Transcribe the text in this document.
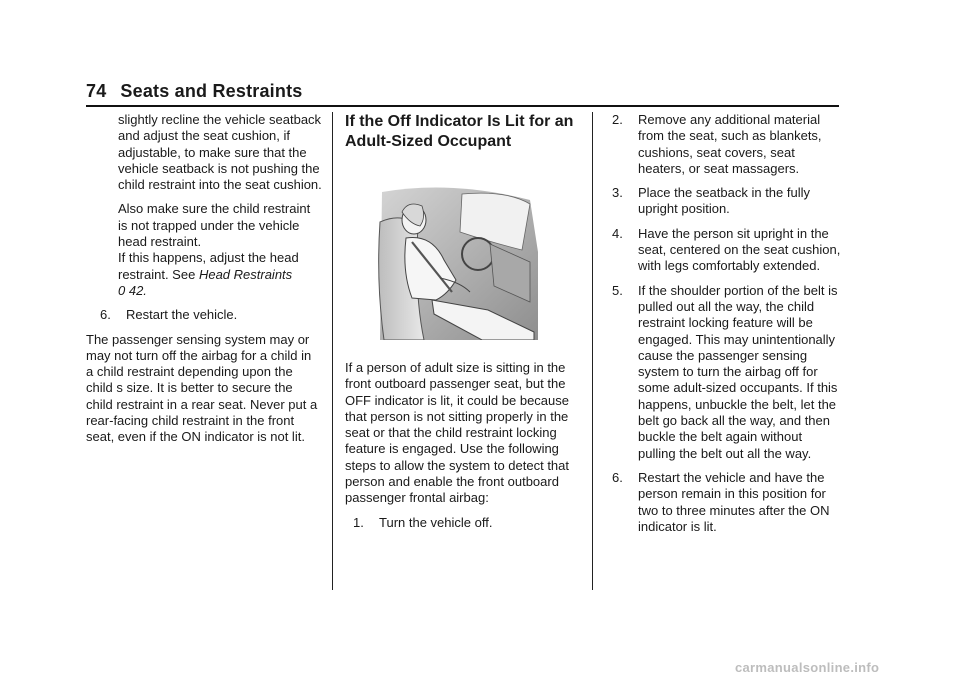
74 Seats and Restraints
slightly recline the vehicle seatback and adjust the seat cushion, if adjustable, to make sure that the vehicle seatback is not pushing the child restraint into the seat cushion.
Also make sure the child restraint is not trapped under the vehicle head restraint.
If this happens, adjust the head restraint. See Head Restraints
0 42.
6.	Restart the vehicle.
The passenger sensing system may or may not turn off the airbag for a child in a child restraint depending upon the child s size. It is better to secure the child restraint in a rear seat. Never put a rear-facing child restraint in the front seat, even if the ON indicator is not lit.
If the Off Indicator Is Lit for an Adult-Sized Occupant
If a person of adult size is sitting in the front outboard passenger seat, but the OFF indicator is lit, it could be because that person is not sitting properly in the seat or that the child restraint locking feature is engaged. Use the following steps to allow the system to detect that person and enable the front outboard passenger frontal airbag:
1.	Turn the vehicle off.
2.	Remove any additional material from the seat, such as blankets, cushions, seat covers, seat heaters, or seat massagers.
3.	Place the seatback in the fully upright position.
4.	Have the person sit upright in the seat, centered on the seat cushion, with legs comfortably extended.
5.	If the shoulder portion of the belt is pulled out all the way, the child restraint locking feature will be engaged. This may unintentionally cause the passenger sensing system to turn the airbag off for some adult-sized occupants. If this happens, unbuckle the belt, let the belt go back all the way, and then buckle the belt again without pulling the belt out all the way.
6.	Restart the vehicle and have the person remain in this position for two to three minutes after the ON indicator is lit.
carmanualsonline.info
